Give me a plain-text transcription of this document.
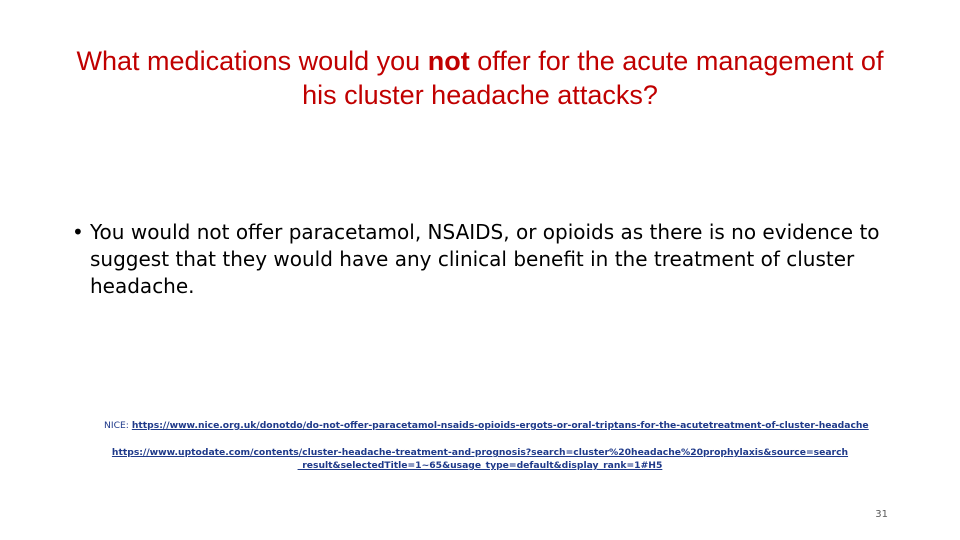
What medications would you not offer for the acute management of his cluster headache attacks?
• You would not offer paracetamol, NSAIDS, or opioids as there is no evidence to suggest that they would have any clinical benefit in the treatment of cluster headache.
NICE: https://www.nice.org.uk/donotdo/do-not-offer-paracetamol-nsaids-opioids-ergots-or-oral-triptans-for-the-acutetreatment-of-cluster-headache
https://www.uptodate.com/contents/cluster-headache-treatment-and-prognosis?search=cluster%20headache%20prophylaxis&source=search_result&selectedTitle=1~65&usage_type=default&display_rank=1#H5
31
